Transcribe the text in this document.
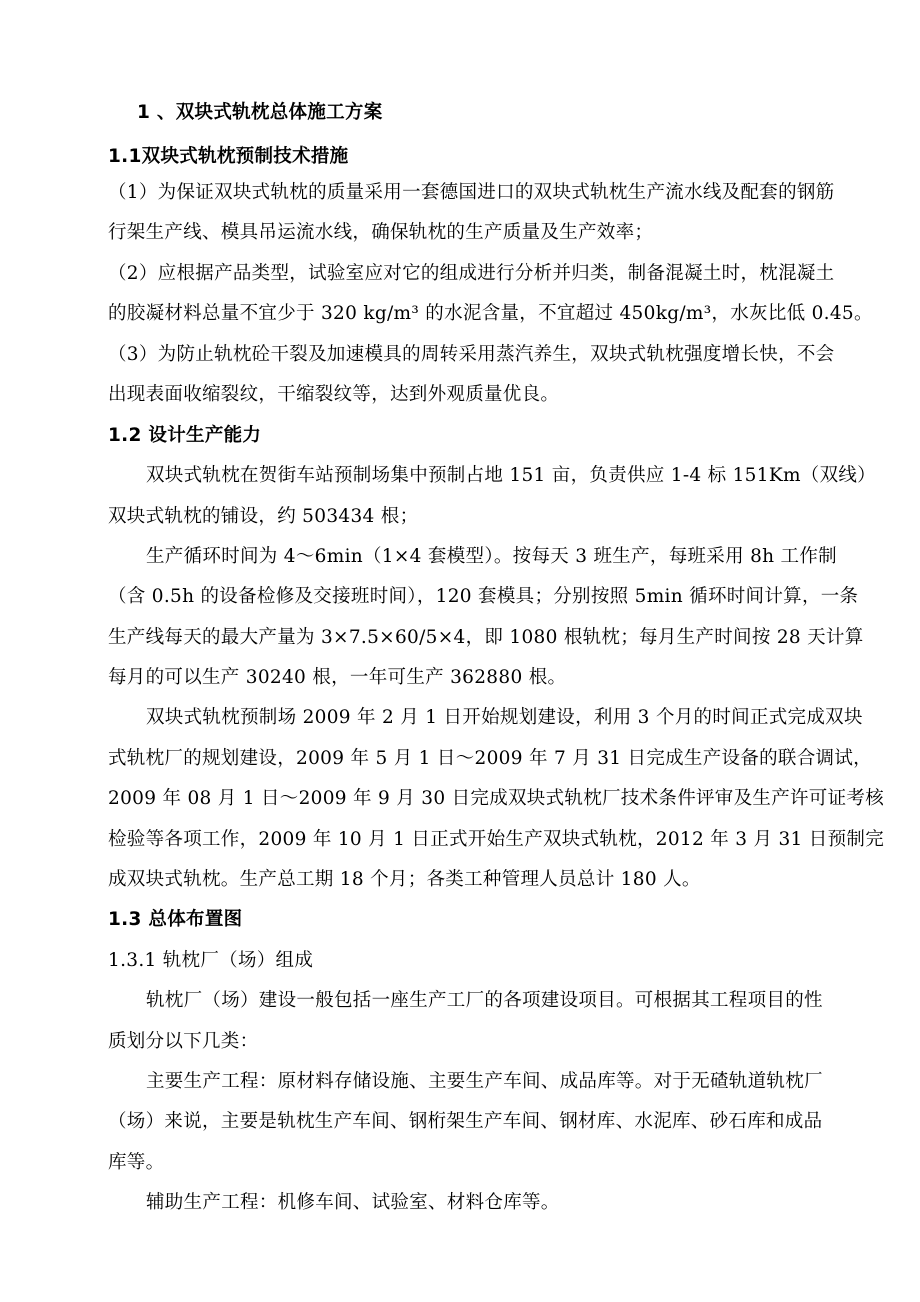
1 、双块式轨枕总体施工方案
1.1双块式轨枕预制技术措施
（1）为保证双块式轨枕的质量采用一套德国进口的双块式轨枕生产流水线及配套的钢筋
行架生产线、模具吊运流水线，确保轨枕的生产质量及生产效率；
（2）应根据产品类型，试验室应对它的组成进行分析并归类，制备混凝土时，枕混凝土
的胶凝材料总量不宜少于 320 kg/m³ 的水泥含量，不宜超过 450kg/m³，水灰比低 0.45。
（3）为防止轨枕砼干裂及加速模具的周转采用蒸汽养生，双块式轨枕强度增长快，不会
出现表面收缩裂纹，干缩裂纹等，达到外观质量优良。
1.2 设计生产能力
双块式轨枕在贺街车站预制场集中预制占地 151 亩，负责供应 1-4 标 151Km（双线）
双块式轨枕的铺设，约 503434 根；
生产循环时间为 4～6min（1×4 套模型）。按每天 3 班生产，每班采用 8h 工作制
（含 0.5h 的设备检修及交接班时间），120 套模具；分别按照 5min 循环时间计算，一条
生产线每天的最大产量为 3×7.5×60/5×4，即 1080 根轨枕；每月生产时间按 28 天计算
每月的可以生产 30240 根，一年可生产 362880 根。
双块式轨枕预制场 2009 年 2 月 1 日开始规划建设，利用 3 个月的时间正式完成双块
式轨枕厂的规划建设，2009 年 5 月 1 日～2009 年 7 月 31 日完成生产设备的联合调试，
2009 年 08 月 1 日～2009 年 9 月 30 日完成双块式轨枕厂技术条件评审及生产许可证考核
检验等各项工作，2009 年 10 月 1 日正式开始生产双块式轨枕，2012 年 3 月 31 日预制完
成双块式轨枕。生产总工期 18 个月；各类工种管理人员总计 180 人。
1.3 总体布置图
1.3.1 轨枕厂（场）组成
轨枕厂（场）建设一般包括一座生产工厂的各项建设项目。可根据其工程项目的性
质划分以下几类：
主要生产工程：原材料存储设施、主要生产车间、成品库等。对于无碴轨道轨枕厂
（场）来说，主要是轨枕生产车间、钢桁架生产车间、钢材库、水泥库、砂石库和成品
库等。
辅助生产工程：机修车间、试验室、材料仓库等。
